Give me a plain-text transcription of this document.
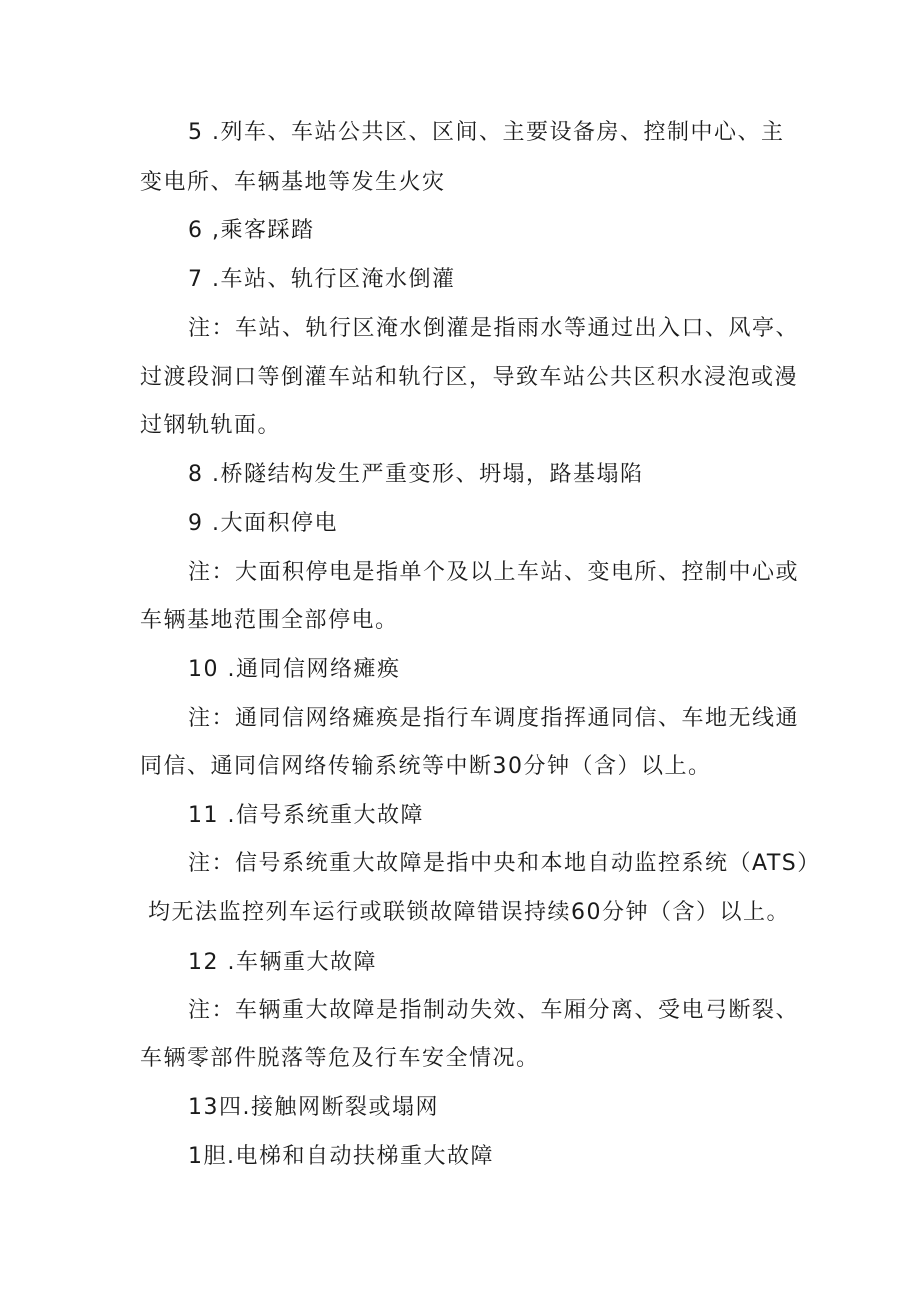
5 .列车、车站公共区、区间、主要设备房、控制中心、主
变电所、车辆基地等发生火灾
6 ,乘客踩踏
7 .车站、轨行区淹水倒灌
注：车站、轨行区淹水倒灌是指雨水等通过出入口、风亭、
过渡段洞口等倒灌车站和轨行区，导致车站公共区积水浸泡或漫
过钢轨轨面。
8 .桥隧结构发生严重变形、坍塌，路基塌陷
9 .大面积停电
注：大面积停电是指单个及以上车站、变电所、控制中心或
车辆基地范围全部停电。
10 .通同信网络瘫痪
注：通同信网络瘫痪是指行车调度指挥通同信、车地无线通
同信、通同信网络传输系统等中断30分钟（含）以上。
11 .信号系统重大故障
注：信号系统重大故障是指中央和本地自动监控系统（ATS）
均无法监控列车运行或联锁故障错误持续60分钟（含）以上。
12 .车辆重大故障
注：车辆重大故障是指制动失效、车厢分离、受电弓断裂、
车辆零部件脱落等危及行车安全情况。
13四.接触网断裂或塌网
1胆.电梯和自动扶梯重大故障
